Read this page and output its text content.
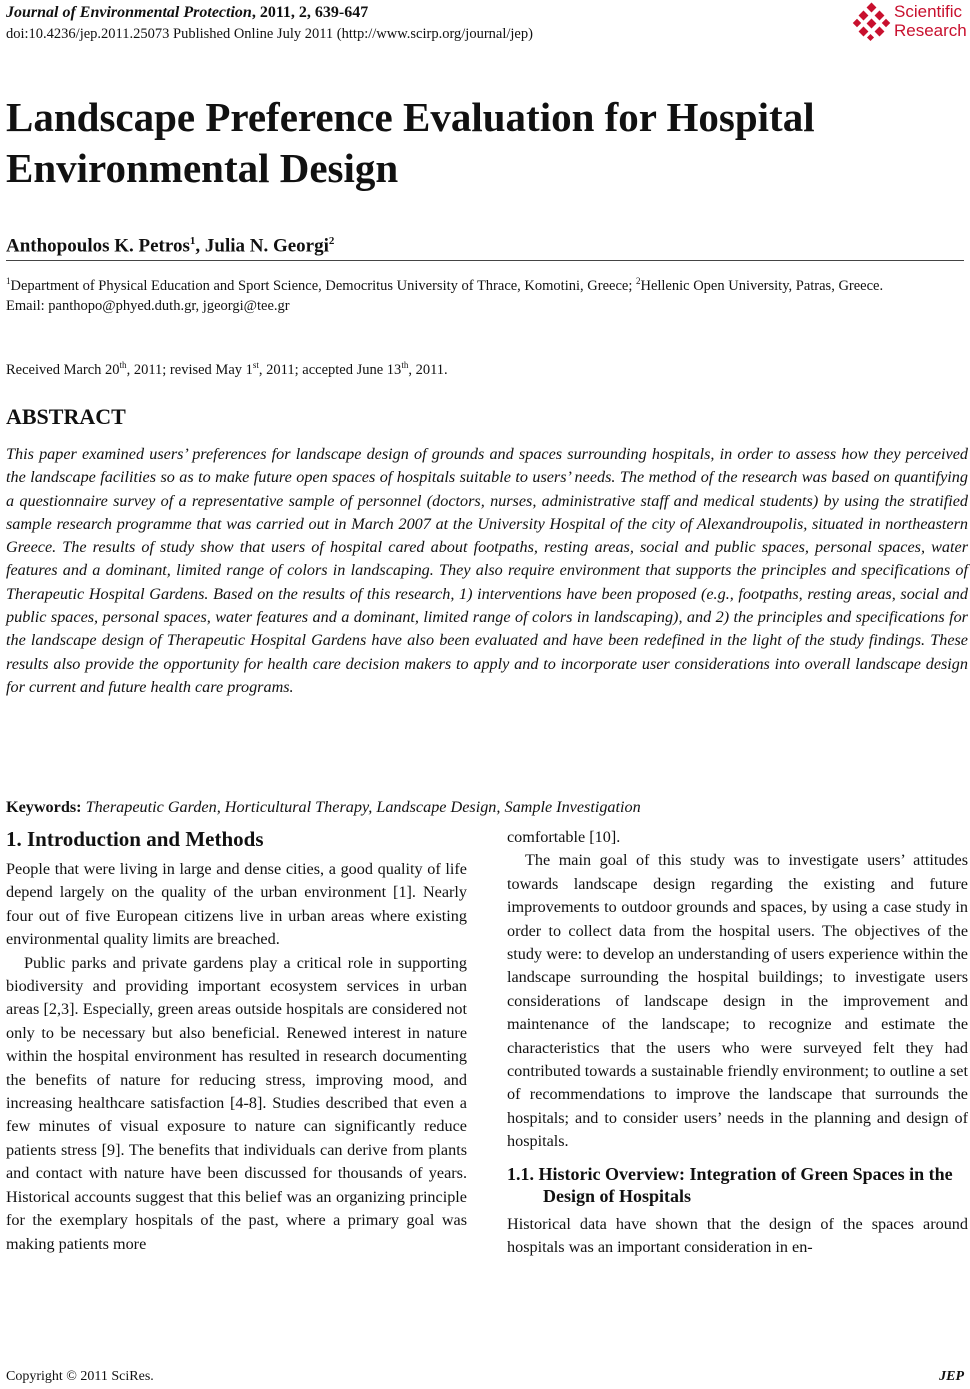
Journal of Environmental Protection, 2011, 2, 639-647
doi:10.4236/jep.2011.25073 Published Online July 2011 (http://www.scirp.org/journal/jep)
Scientific
Research
Landscape Preference Evaluation for Hospital
Environmental Design
Anthopoulos K. Petros$^1$, Julia N. Georgi$^2$
$^1$Department of Physical Education and Sport Science, Democritus University of Thrace, Komotini, Greece; $^2$Hellenic Open University, Patras, Greece.
Email: panthopo@phyed.duth.gr, jgeorgi@tee.gr
Received March 20th, 2011; revised May 1st, 2011; accepted June 13th, 2011.
ABSTRACT
This paper examined users’ preferences for landscape design of grounds and spaces surrounding hospitals, in order to assess how they perceived the landscape facilities so as to make future open spaces of hospitals suitable to users’ needs. The method of the research was based on quantifying a questionnaire survey of a representative sample of personnel (doctors, nurses, administrative staff and medical students) by using the stratified sample research programme that was carried out in March 2007 at the University Hospital of the city of Alexandroupolis, situated in northeastern Greece. The results of study show that users of hospital cared about footpaths, resting areas, social and public spaces, personal spaces, water features and a dominant, limited range of colors in landscaping. They also require environment that supports the principles and specifications of Therapeutic Hospital Gardens. Based on the results of this research, 1) interventions have been proposed (e.g., footpaths, resting areas, social and public spaces, personal spaces, water features and a dominant, limited range of colors in landscaping), and 2) the principles and specifications for the landscape design of Therapeutic Hospital Gardens have also been evaluated and have been redefined in the light of the study findings. These results also provide the opportunity for health care decision makers to apply and to incorporate user considerations into overall landscape design for current and future health care programs.
Keywords: Therapeutic Garden, Horticultural Therapy, Landscape Design, Sample Investigation
1. Introduction and Methods

People that were living in large and dense cities, a good quality of life depend largely on the quality of the urban environment [1]. Nearly four out of five European citizens live in urban areas where existing environmental quality limits are breached.

Public parks and private gardens play a critical role in supporting biodiversity and providing important ecosystem services in urban areas [2,3]. Especially, green areas outside hospitals are considered not only to be necessary but also beneficial. Renewed interest in nature within the hospital environment has resulted in research documenting the benefits of nature for reducing stress, improving mood, and increasing healthcare satisfaction [4-8]. Studies described that even a few minutes of visual exposure to nature can significantly reduce patients stress [9]. The benefits that individuals can derive from plants and contact with nature have been discussed for thousands of years. Historical accounts suggest that this belief was an organizing principle for the exemplary hospitals of the past, where a primary goal was making patients more

comfortable [10].

The main goal of this study was to investigate users’ attitudes towards landscape design regarding the existing and future improvements to outdoor grounds and spaces, by using a case study in order to collect data from the hospital users. The objectives of the study were: to develop an understanding of users experience within the landscape surrounding the hospital buildings; to investigate users considerations of landscape design in the improvement and maintenance of the landscape; to recognize and estimate the characteristics that the users who were surveyed felt they had contributed towards a sustainable friendly environment; to outline a set of recommendations to improve the landscape that surrounds the hospitals; and to consider users’ needs in the planning and design of hospitals.

1.1. Historic Overview: Integration of Green Spaces in the Design of Hospitals

Historical data have shown that the design of the spaces around hospitals was an important consideration in en-

Copyright © 2011 SciRes.	JEP
